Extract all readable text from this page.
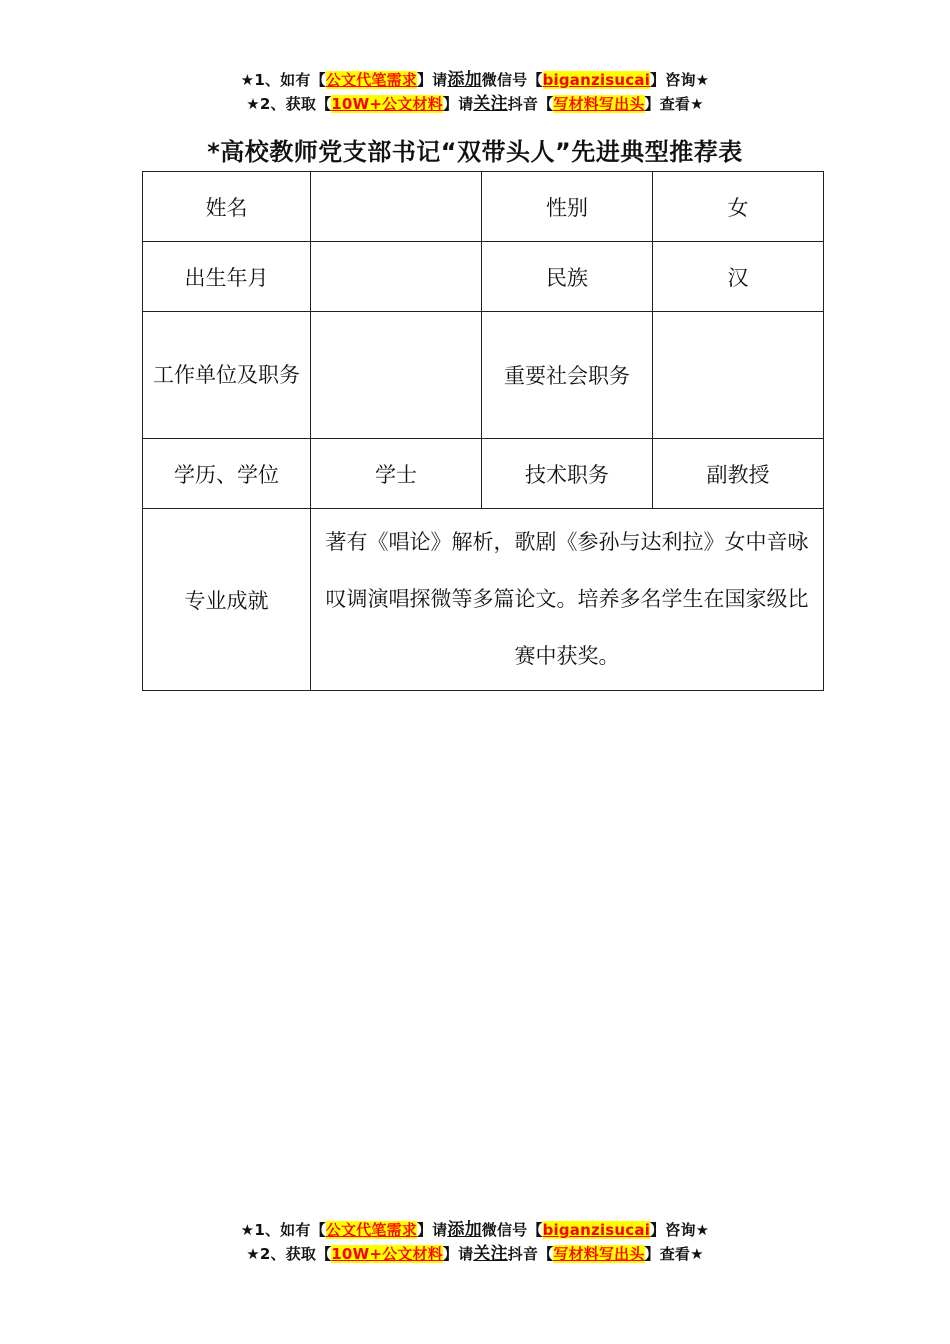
★1、如有【公文代笔需求】请添加微信号【biganzisucai】咨询★
★2、获取【10W+公文材料】请关注抖音【写材料写出头】查看★
*高校教师党支部书记“双带头人”先进典型推荐表
姓名		性别	女
出生年月		民族	汉
工作单位及职务		重要社会职务	
学历、学位	学士	技术职务	副教授
专业成就	著有《唱论》解析，歌剧《参孙与达利拉》女中音咏叹调演唱探微等多篇论文。培养多名学生在国家级比赛中获奖。		
★1、如有【公文代笔需求】请添加微信号【biganzisucai】咨询★
★2、获取【10W+公文材料】请关注抖音【写材料写出头】查看★
